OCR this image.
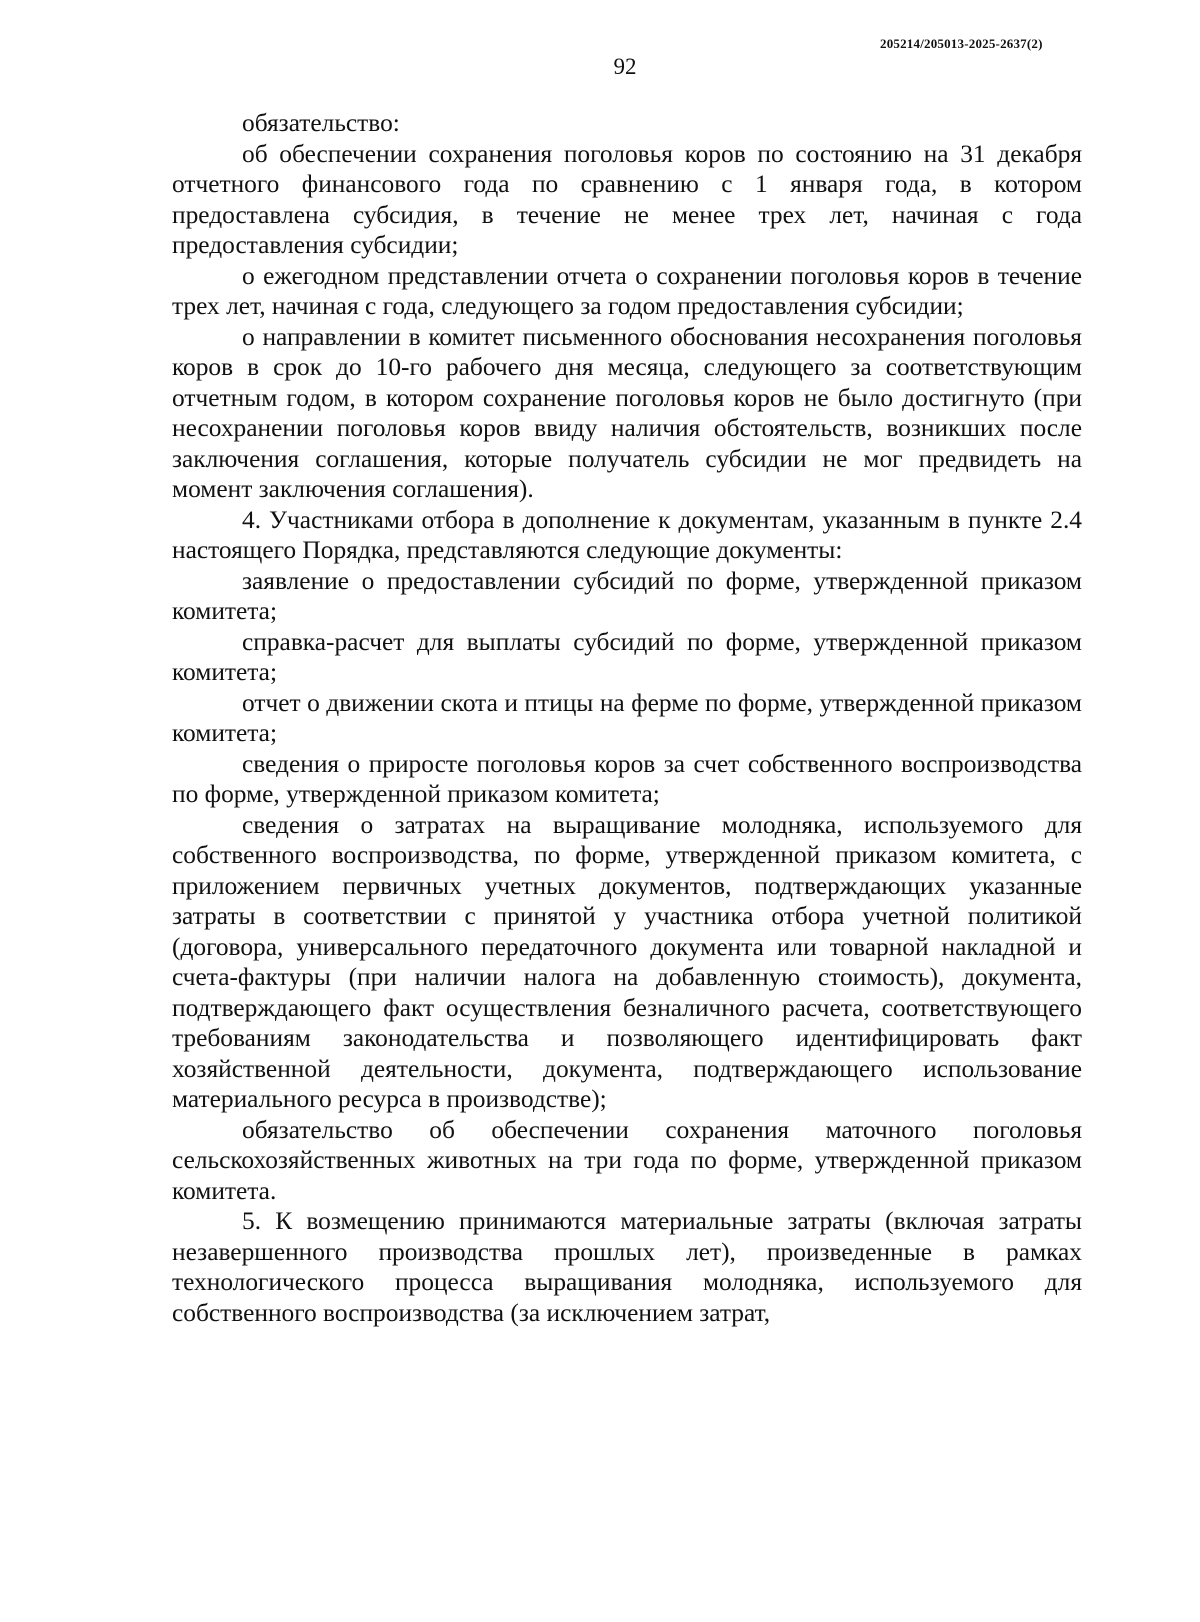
205214/205013-2025-2637(2)
92

обязательство:

об обеспечении сохранения поголовья коров по состоянию на 31 декабря отчетного финансового года по сравнению с 1 января года, в котором предоставлена субсидия, в течение не менее трех лет, начиная с года предоставления субсидии;

о ежегодном представлении отчета о сохранении поголовья коров в течение трех лет, начиная с года, следующего за годом предоставления субсидии;

о направлении в комитет письменного обоснования несохранения поголовья коров в срок до 10-го рабочего дня месяца, следующего за соответствующим отчетным годом, в котором сохранение поголовья коров не было достигнуто (при несохранении поголовья коров ввиду наличия обстоятельств, возникших после заключения соглашения, которые получатель субсидии не мог предвидеть на момент заключения соглашения).

4. Участниками отбора в дополнение к документам, указанным в пункте 2.4 настоящего Порядка, представляются следующие документы:

заявление о предоставлении субсидий по форме, утвержденной приказом комитета;

справка-расчет для выплаты субсидий по форме, утвержденной приказом комитета;

отчет о движении скота и птицы на ферме по форме, утвержденной приказом комитета;

сведения о приросте поголовья коров за счет собственного воспроизводства по форме, утвержденной приказом комитета;

сведения о затратах на выращивание молодняка, используемого для собственного воспроизводства, по форме, утвержденной приказом комитета, с приложением первичных учетных документов, подтверждающих указанные затраты в соответствии с принятой у участника отбора учетной политикой (договора, универсального передаточного документа или товарной накладной и счета-фактуры (при наличии налога на добавленную стоимость), документа, подтверждающего факт осуществления безналичного расчета, соответствующего требованиям законодательства и позволяющего идентифицировать факт хозяйственной деятельности, документа, подтверждающего использование материального ресурса в производстве);

обязательство об обеспечении сохранения маточного поголовья сельскохозяйственных животных на три года по форме, утвержденной приказом комитета.

5. К возмещению принимаются материальные затраты (включая затраты незавершенного производства прошлых лет), произведенные в рамках технологического процесса выращивания молодняка, используемого для собственного воспроизводства (за исключением затрат,
